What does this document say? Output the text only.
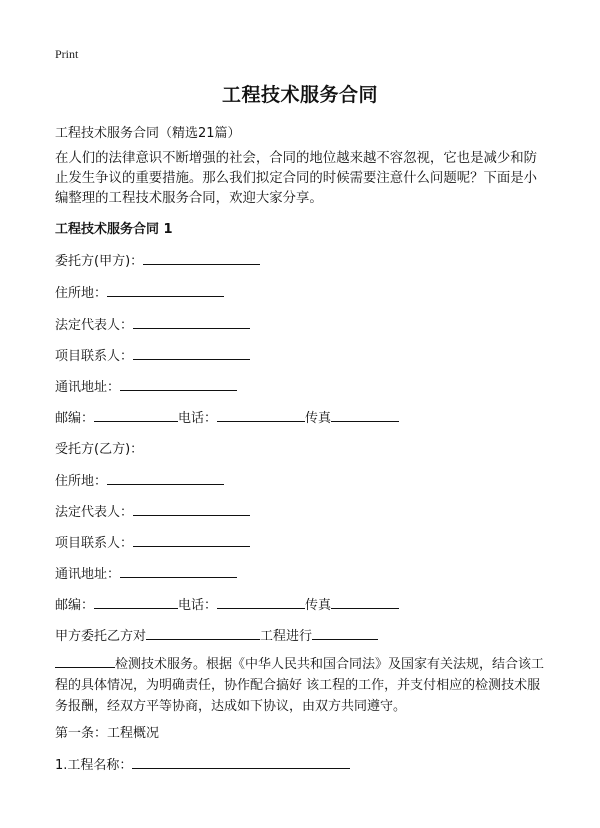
Print
工程技术服务合同
工程技术服务合同（精选21篇）
在人们的法律意识不断增强的社会，合同的地位越来越不容忽视，它也是减少和防止发生争议的重要措施。那么我们拟定合同的时候需要注意什么问题呢？下面是小编整理的工程技术服务合同，欢迎大家分享。
工程技术服务合同 1
委托方(甲方)：
住所地：
法定代表人：
项目联系人：
通讯地址：
邮编：	电话：	传真
受托方(乙方)：
住所地：
法定代表人：
项目联系人：
通讯地址：
邮编：	电话：	传真
甲方委托乙方对	工程进行
检测技术服务。根据《中华人民共和国合同法》及国家有关法规，结合该工程的具体情况，为明确责任，协作配合搞好 该工程的工作，并支付相应的检测技术服务报酬，经双方平等协商，达成如下协议，由双方共同遵守。
第一条：工程概况
1.工程名称：
